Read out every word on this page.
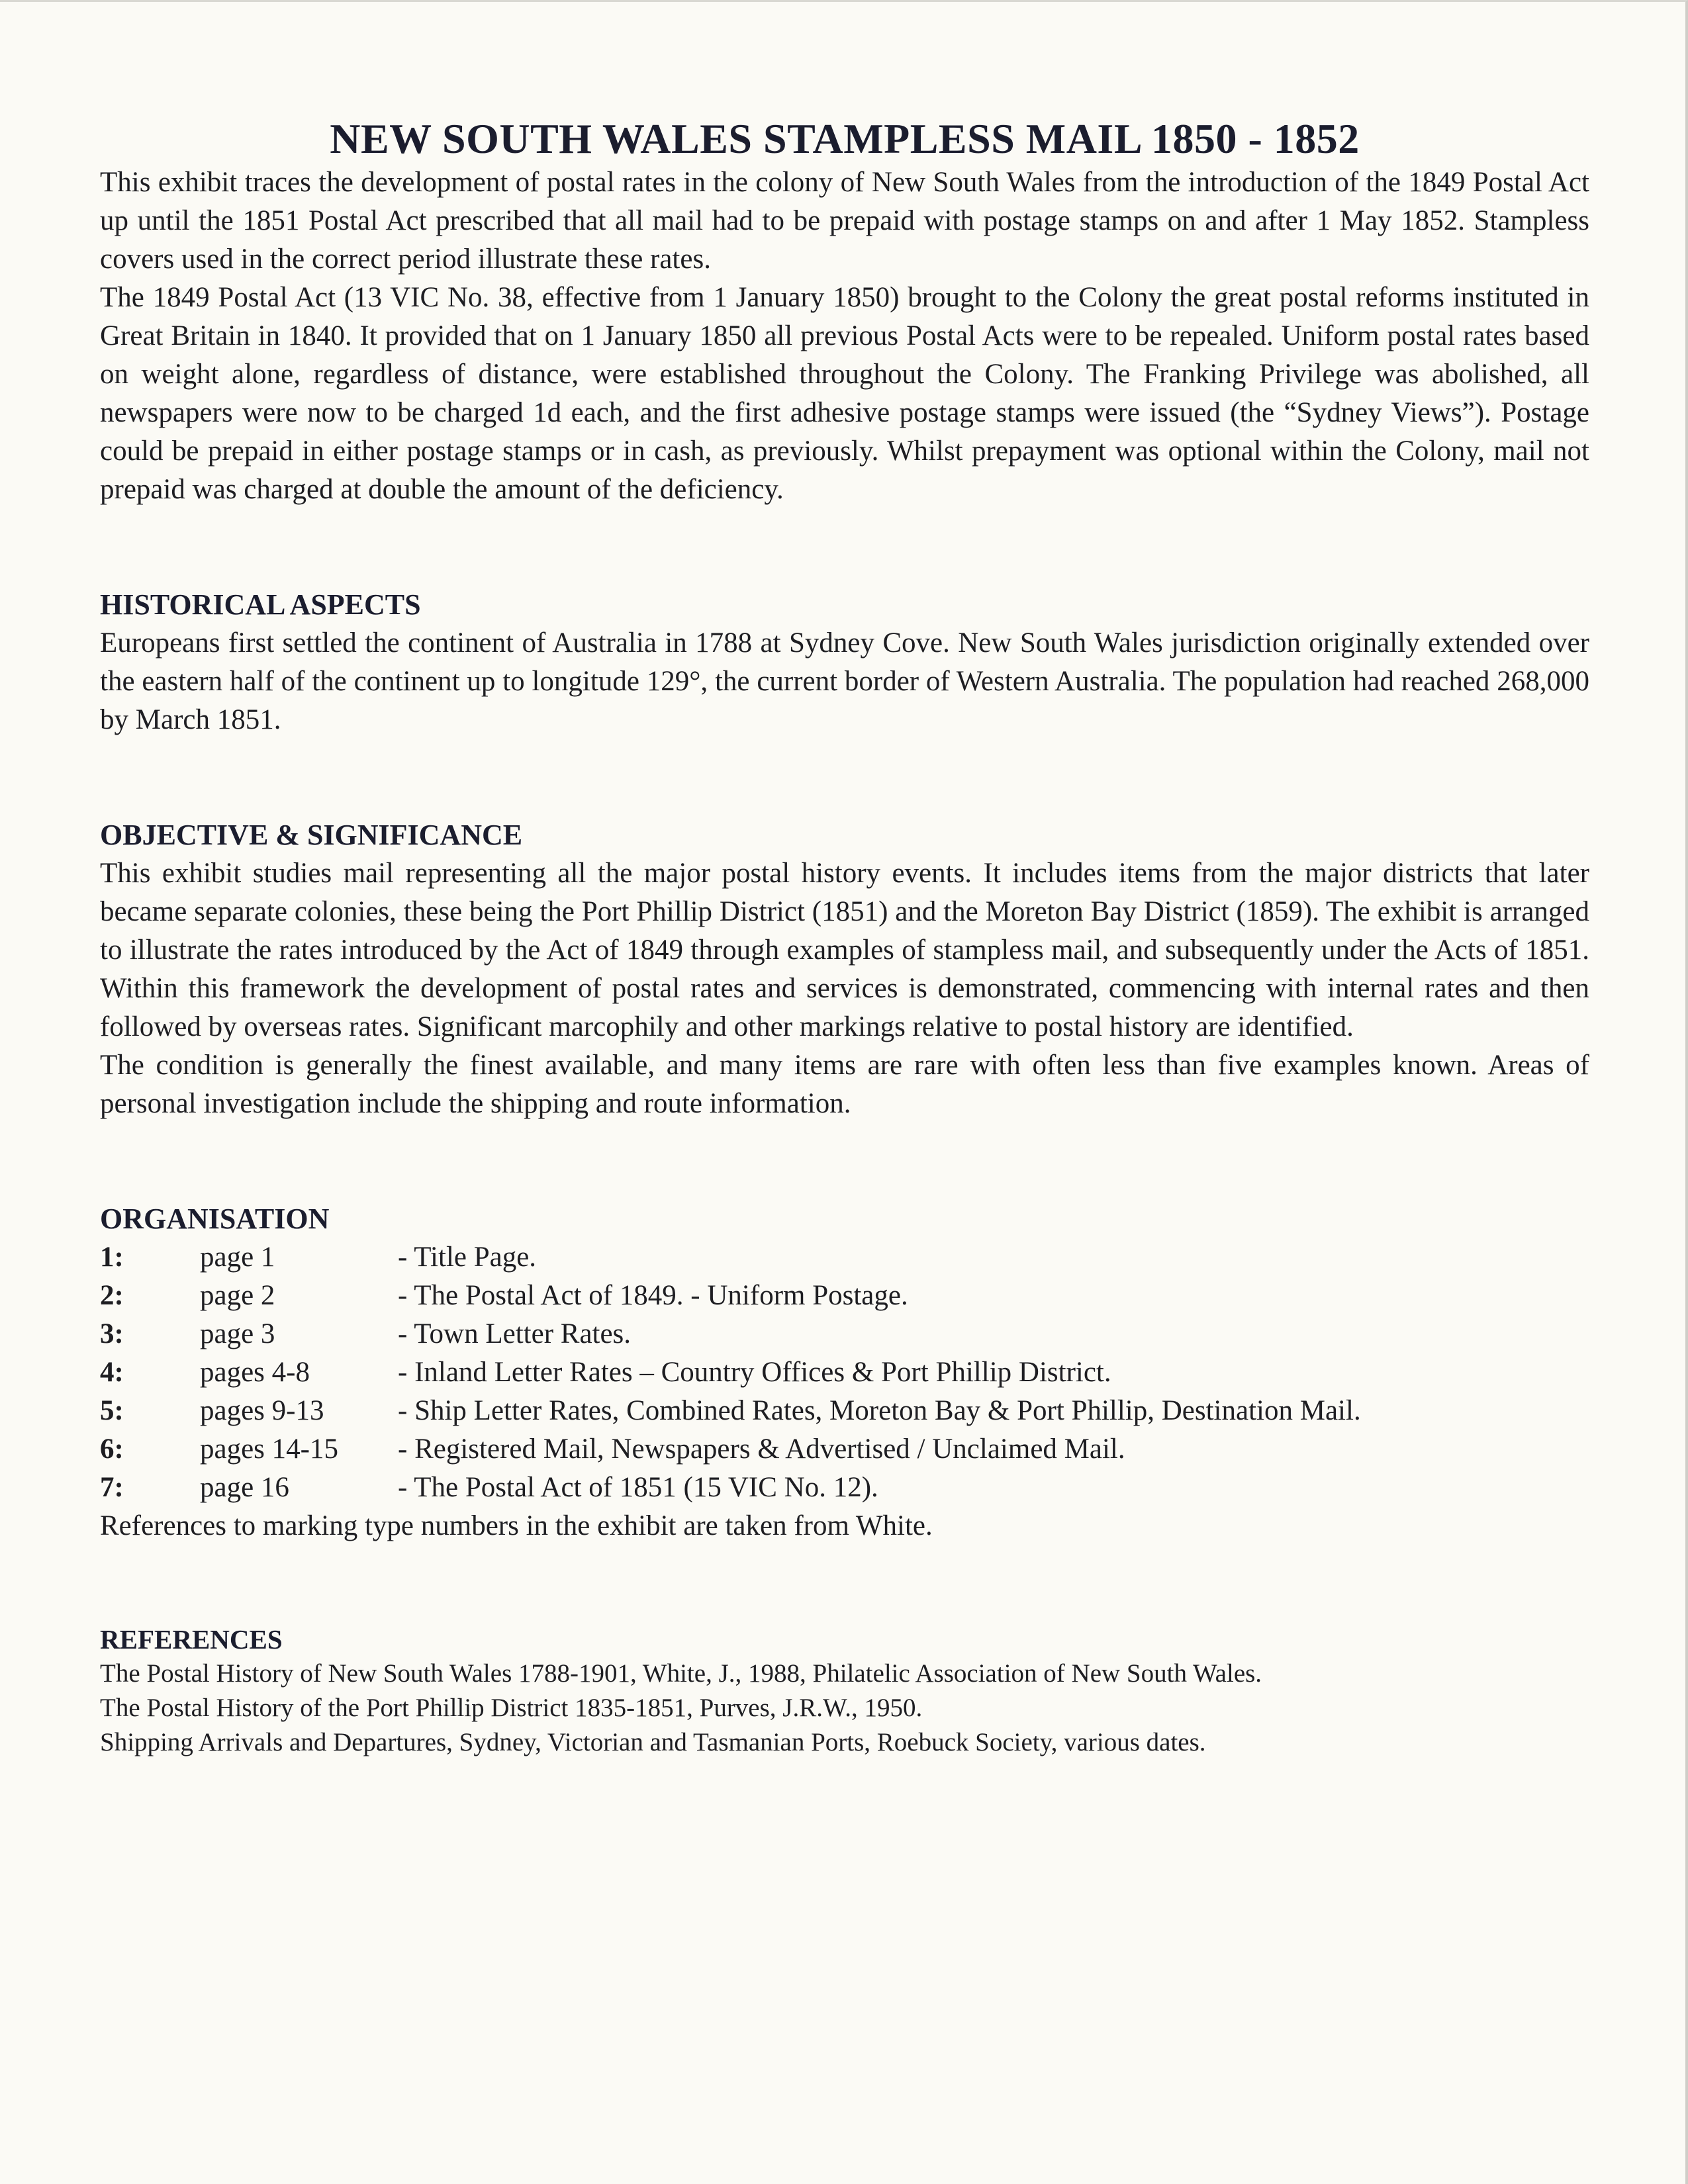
NEW SOUTH WALES STAMPLESS MAIL 1850 - 1852

This exhibit traces the development of postal rates in the colony of New South Wales from the introduction of the 1849 Postal Act up until the 1851 Postal Act prescribed that all mail had to be prepaid with postage stamps on and after 1 May 1852. Stampless covers used in the correct period illustrate these rates.

The 1849 Postal Act (13 VIC No. 38, effective from 1 January 1850) brought to the Colony the great postal reforms instituted in Great Britain in 1840. It provided that on 1 January 1850 all previous Postal Acts were to be repealed. Uniform postal rates based on weight alone, regardless of distance, were established throughout the Colony. The Franking Privilege was abolished, all newspapers were now to be charged 1d each, and the first adhesive postage stamps were issued (the “Sydney Views”). Postage could be prepaid in either postage stamps or in cash, as previously. Whilst prepayment was optional within the Colony, mail not prepaid was charged at double the amount of the deficiency.

HISTORICAL ASPECTS

Europeans first settled the continent of Australia in 1788 at Sydney Cove. New South Wales jurisdiction originally extended over the eastern half of the continent up to longitude 129°, the current border of Western Australia. The population had reached 268,000 by March 1851.

OBJECTIVE & SIGNIFICANCE

This exhibit studies mail representing all the major postal history events. It includes items from the major districts that later became separate colonies, these being the Port Phillip District (1851) and the Moreton Bay District (1859). The exhibit is arranged to illustrate the rates introduced by the Act of 1849 through examples of stampless mail, and subsequently under the Acts of 1851. Within this framework the development of postal rates and services is demonstrated, commencing with internal rates and then followed by overseas rates. Significant marcophily and other markings relative to postal history are identified.

The condition is generally the finest available, and many items are rare with often less than five examples known. Areas of personal investigation include the shipping and route information.

ORGANISATION
1:	page 1	- Title Page.
2:	page 2	- The Postal Act of 1849. - Uniform Postage.
3:	page 3	- Town Letter Rates.
4:	pages 4-8	- Inland Letter Rates – Country Offices & Port Phillip District.
5:	pages 9-13	- Ship Letter Rates, Combined Rates, Moreton Bay & Port Phillip, Destination Mail.
6:	pages 14-15	- Registered Mail, Newspapers & Advertised / Unclaimed Mail.
7:	page 16	- The Postal Act of 1851 (15 VIC No. 12).

References to marking type numbers in the exhibit are taken from White.

REFERENCES
The Postal History of New South Wales 1788-1901, White, J., 1988, Philatelic Association of New South Wales.
The Postal History of the Port Phillip District 1835-1851, Purves, J.R.W., 1950.
Shipping Arrivals and Departures, Sydney, Victorian and Tasmanian Ports, Roebuck Society, various dates.
